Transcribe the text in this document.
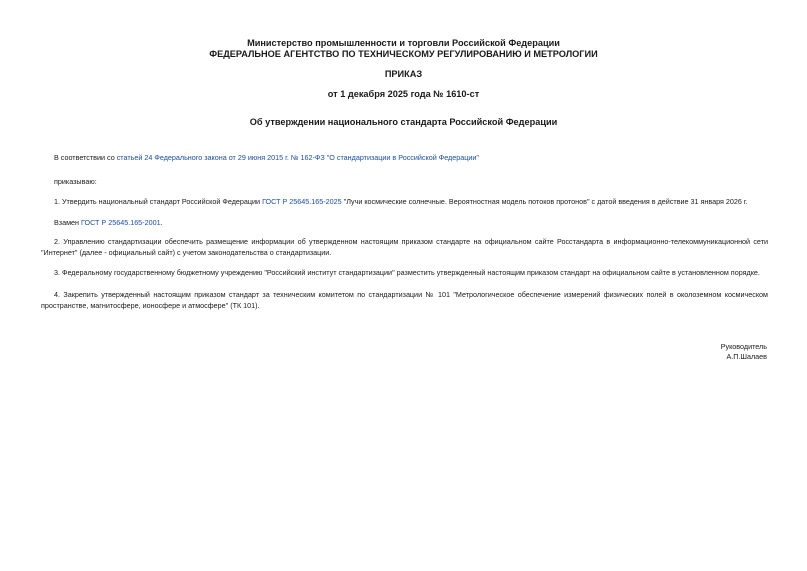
Министерство промышленности и торговли Российской Федерации
ФЕДЕРАЛЬНОЕ АГЕНТСТВО ПО ТЕХНИЧЕСКОМУ РЕГУЛИРОВАНИЮ И МЕТРОЛОГИИ
ПРИКАЗ
от 1 декабря 2025 года № 1610-ст
Об утверждении национального стандарта Российской Федерации
В соответствии со статьей 24 Федерального закона от 29 июня 2015 г. № 162-ФЗ "О стандартизации в Российской Федерации"
приказываю:
1. Утвердить национальный стандарт Российской Федерации ГОСТ Р 25645.165-2025 "Лучи космические солнечные. Вероятностная модель потоков протонов" с датой введения в действие 31 января 2026 г.
Взамен ГОСТ Р 25645.165-2001.
2. Управлению стандартизации обеспечить размещение информации об утвержденном настоящим приказом стандарте на официальном сайте Росстандарта в информационно-телекоммуникационной сети "Интернет" (далее - официальный сайт) с учетом законодательства о стандартизации.
3. Федеральному государственному бюджетному учреждению "Российский институт стандартизации" разместить утвержденный настоящим приказом стандарт на официальном сайте в установленном порядке.
4. Закрепить утвержденный настоящим приказом стандарт за техническим комитетом по стандартизации № 101 "Метрологическое обеспечение измерений физических полей в околоземном космическом пространстве, магнитосфере, ионосфере и атмосфере" (ТК 101).
Руководитель
А.П.Шалаев
